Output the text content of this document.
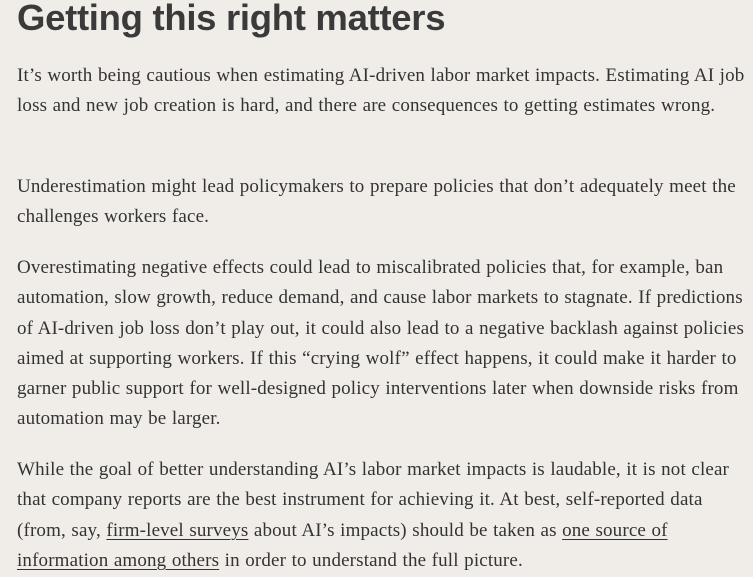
Getting this right matters

It’s worth being cautious when estimating AI-driven labor market impacts. Estimating AI job loss and new job creation is hard, and there are consequences to getting estimates wrong.

Underestimation might lead policymakers to prepare policies that don’t adequately meet the challenges workers face.

Overestimating negative effects could lead to miscalibrated policies that, for example, ban automation, slow growth, reduce demand, and cause labor markets to stagnate. If predictions of AI-driven job loss don’t play out, it could also lead to a negative backlash against policies aimed at supporting workers. If this “crying wolf” effect happens, it could make it harder to garner public support for well-designed policy interventions later when downside risks from automation may be larger.

While the goal of better understanding AI’s labor market impacts is laudable, it is not clear that company reports are the best instrument for achieving it. At best, self-reported data (from, say, firm-level surveys about AI’s impacts) should be taken as one source of information among others in order to understand the full picture.
